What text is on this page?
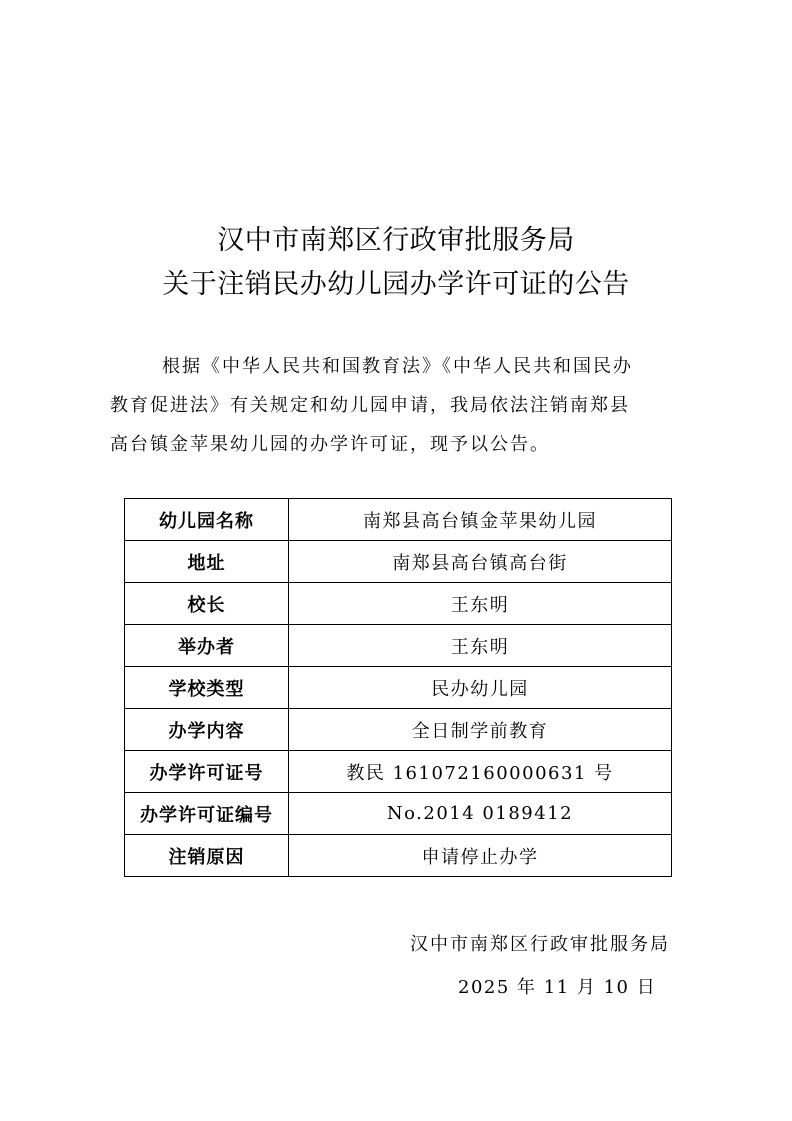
汉中市南郑区行政审批服务局
关于注销民办幼儿园办学许可证的公告
根据《中华人民共和国教育法》《中华人民共和国民办
教育促进法》有关规定和幼儿园申请，我局依法注销南郑县
高台镇金苹果幼儿园的办学许可证，现予以公告。
幼儿园名称	南郑县高台镇金苹果幼儿园
地址	南郑县高台镇高台街
校长	王东明
举办者	王东明
学校类型	民办幼儿园
办学内容	全日制学前教育
办学许可证号	教民 161072160000631 号
办学许可证编号	No.2014 0189412
注销原因	申请停止办学
汉中市南郑区行政审批服务局
2025 年 11 月 10 日
